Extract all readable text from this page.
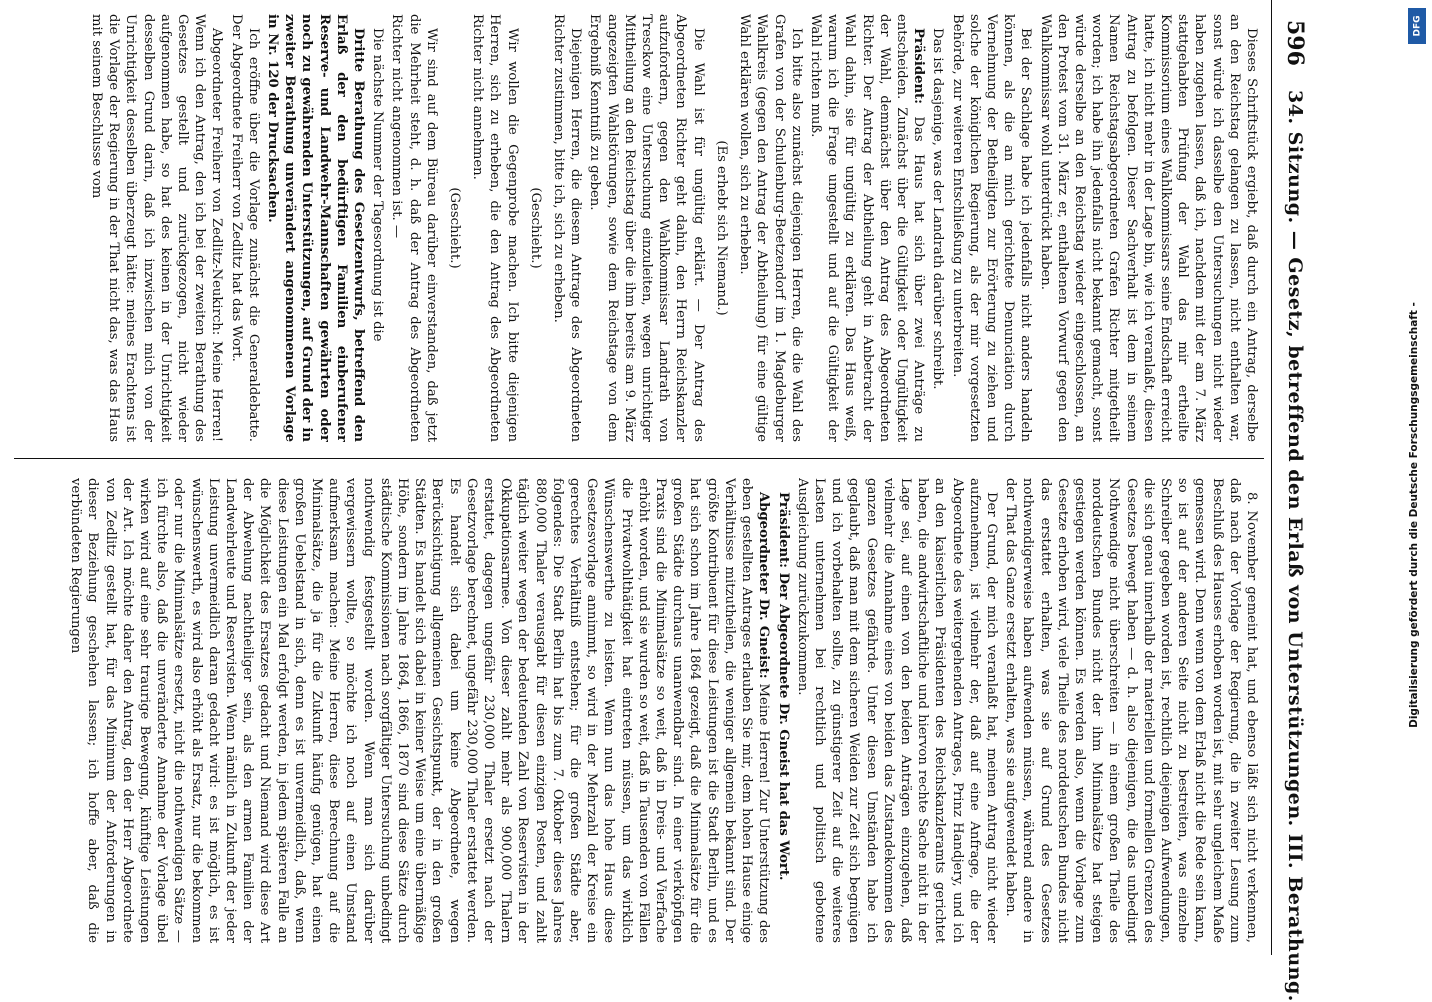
596
34. Sitzung. — Gesetz, betreffend den Erlaß von Unterstützungen. III. Berathung.

Dieses Schriftstück ergiebt, daß durch ein Antrag, derselbe an den Reichstag gelangen zu lassen, nicht enthalten war, sonst würde ich dasselbe den Untersuchungen nicht wieder haben zugehen lassen, daß ich, nachdem mit der am 7. März stattgehabten Prüfung der Wahl das mir ertheilte Kommissorium eines Wahlkommissars seine Endschaft erreicht hatte, ich nicht mehr in der Lage bin, wie ich veranlaßt, diesen Antrag zu befolgen. Dieser Sachverhalt ist dem in seinem Namen Reichstagsabgeordneten Grafen Richter mitgetheilt worden; ich habe ihn jedenfalls nicht bekannt gemacht, sonst würde derselbe an den Reichstag wieder eingeschlossen, an den Protest vom 31. März er, enthaltenen Vorwurf gegen den Wahlkommissar wohl unterdrückt haben.

Bei der Sachlage habe ich jedenfalls nicht anders handeln können, als die an mich gerichtete Denunciation durch Vernehmung der Betheiligten zur Erörterung zu ziehen und solche der königlichen Regierung, als der mir vorgesetzten Behörde, zur weiteren Entschließung zu unterbreiten.

Das ist dasjenige, was der Landrath darüber schreibt.

Präsident: Das Haus hat sich über zwei Anträge zu entscheiden. Zunächst über die Gültigkeit oder Ungültigkeit der Wahl, demnächst über den Antrag des Abgeordneten Richter. Der Antrag der Abtheilung geht in Anbetracht der Wahl dahin, sie für ungültig zu erklären. Das Haus weiß, warum ich die Frage umgestellt und auf die Gültigkeit der Wahl richten muß.

Ich bitte also zunächst diejenigen Herren, die die Wahl des Grafen von der Schulenburg-Beetzendorf im 1. Magdeburger Wahlkreis (gegen den Antrag der Abtheilung) für eine gültige Wahl erklären wollen, sich zu erheben.

(Es erhebt sich Niemand.)

Die Wahl ist für ungültig erklärt. — Der Antrag des Abgeordneten Richter geht dahin, den Herrn Reichskanzler aufzufordern, gegen den Wahlkommissar Landrath von Tresckow eine Untersuchung einzuleiten, wegen unrichtiger Mittheilung an den Reichstag über die ihm bereits am 9. März angezeigten Wahlstörungen, sowie dem Reichstage von dem Ergebniß Kenntniß zu geben.

Diejenigen Herren, die diesem Antrage des Abgeordneten Richter zustimmen, bitte ich, sich zu erheben.

(Geschieht.)

Wir wollen die Gegenprobe machen. Ich bitte diejenigen Herren, sich zu erheben, die den Antrag des Abgeordneten Richter nicht annehmen.

(Geschieht.)

Wir sind auf dem Büreau darüber einverstanden, daß jetzt die Mehrheit steht, d. h. daß der Antrag des Abgeordneten Richter nicht angenommen ist. —

Die nächste Nummer der Tagesordnung ist die

Dritte Berathung des Gesetzentwurfs, betreffend den Erlaß der den bedürftigen Familien einberufener Reserve- und Landwehr-Mannschaften gewährten oder noch zu gewährenden Unterstützungen, auf Grund der in zweiter Berathung unverändert angenommenen Vorlage in Nr. 120 der Drucksachen.

Ich eröffne über die Vorlage zunächst die Generaldebatte. Der Abgeordnete Freiherr von Zedlitz hat das Wort.

Abgeordneter Freiherr von Zedlitz-Neukirch: Meine Herren! Wenn ich den Antrag, den ich bei der zweiten Berathung des Gesetzes gestellt und zurückgezogen, nicht wieder aufgenommen habe, so hat des keinen in der Unrichtigkeit desselben Grund darin, daß ich inzwischen mich von der Unrichtigkeit desselben überzeugt hätte: meines Erachtens ist die Vorlage der Regierung in der That nicht das, was das Haus mit seinem Beschlusse vom

8. November gemeint hat, und ebenso läßt sich nicht verkennen, daß nach der Vorlage der Regierung, die in zweiter Lesung zum Beschluß des Hauses erhoben worden ist, mit sehr ungleichem Maße gemessen wird. Denn wenn von dem Erlaß nicht die Rede sein kann, so ist auf der anderen Seite nicht zu bestreiten, was einzelne Schreiber gegeben worden ist, rechtlich diejenigen Aufwendungen, die sich genau innerhalb der materiellen und formellen Grenzen des Gesetzes bewegt haben — d. h. also diejenigen, die das unbedingt Nothwendige nicht überschreiten — in einem großen Theile des norddeutschen Bundes nicht der ihm Minimalsätze hat steigen gestiegen werden können. Es werden also, wenn die Vorlage zum Gesetze erhoben wird, viele Theile des norddeutschen Bundes nicht das erstattet erhalten, was sie auf Grund des Gesetzes nothwendigerweise haben aufwenden müssen, während andere in der That das Ganze ersetzt erhalten, was sie aufgewendet haben.

Der Grund, der mich veranlaßt hat, meinen Antrag nicht wieder aufzunehmen, ist vielmehr der, daß auf eine Anfrage, die der Abgeordnete des weitergehenden Antrages, Prinz Handjery, und ich an den kaiserlichen Präsidenten des Reichskanzleramts gerichtet haben, die andwirtschaftliche und hiervon rechte Sache nicht in der Lage sei, auf einen von den beiden Anträgen einzugehen, daß vielmehr die Annahme eines von beiden das Zustandekommen des ganzen Gesetzes gefährde. Unter diesen Umständen habe ich geglaubt, daß man mit dem sicheren Weiden zur Zeit sich begnügen und ich vorbehalten sollte, zu günstigerer Zeit auf die weiteres Lasten unternehmen bei rechtlich und politisch gebotene Ausgleichung zurückzukommen.

Präsident: Der Abgeordnete Dr. Gneist hat das Wort.

Abgeordneter Dr. Gneist: Meine Herren! Zur Unterstützung des eben gestellten Antrages erlauben Sie mir, dem hohen Hause einige Verhältnisse mitzutheilen, die weniger allgemein bekannt sind. Der größte Kontribuent für diese Leistungen ist die Stadt Berlin, und es hat sich schon im Jahre 1864 gezeigt, daß die Minimalsätze für die großen Städte durchaus unanwendbar sind. In einer vierköpfigen Praxis sind die Minimalsätze so weit, daß in Dreis- und Vierfache erhöht worden, und sie wurden so weit, daß in Tausenden von Fällen die Privatwohlthätigkeit hat eintreten müssen, um das wirklich Wünschenswerthe zu leisten. Wenn nun das hohe Haus diese Gesetzesvorlage annimmt, so wird in der Mehrzahl der Kreise ein gerechtes Verhältniß entstehen; für die großen Städte aber, folgendes: Die Stadt Berlin hat bis zum 7. Oktober dieses Jahres 880,000 Thaler verausgabt für diesen einzigen Posten, und zahlt täglich weiter wegen der bedeutenden Zahl von Reservisten in der Okkupationsarmee. Von dieser zahlt mehr als 900,000 Thalern erstattet, dagegen ungefähr 230,000 Thaler ersetzt nach der Gesetzvorlage berechnet, ungefähr 230,000 Thaler erstattet werden. Es handelt sich dabei um keine Abgeordnete, wegen Berücksichtigung allgemeinen Gesichtspunkt, der in den großen Städten. Es handelt sich dabei in keiner Weise um eine übermäßige Höhe, sondern im Jahre 1864, 1866, 1870 sind diese Sätze durch städtische Kommissionen nach sorgfältiger Untersuchung unbedingt nothwendig festgestellt worden. Wenn man sich darüber vergewissern wollte, so möchte ich noch auf einen Umstand aufmerksam machen: Meine Herren, diese Berechnung auf die Minimalsätze, die ja für die Zukunft häufig genügen, hat einen großen Uebelstand in sich, denn es ist unvermeidlich, daß, wenn diese Leistungen ein Mal erfolgt werden, in jedem späteren Falle an die Möglichkeit des Ersatzes gedacht und Niemand wird diese Art der Abwehung nachtheiliger sein, als den armen Familien der Landwehrleute und Reservisten. Wenn nämlich in Zukunft der jeder Leistung unvermeidlich daran gedacht wird: es ist möglich, es ist wünschenswerth, es wird also erhöht als Ersatz, nur die bekommen oder nur die Minimalsätze ersetzt, nicht die nothwendigen Sätze — ich fürchte also, daß die unveränderte Annahme der Vorlage übel wirken wird auf eine sehr traurige Bewegung, künftige Leistungen der Art. Ich möchte daher den Antrag, den der Herr Abgeordnete von Zedlitz gestellt hat, für das Minimum der Anforderungen in dieser Beziehung geschehen lassen; ich hoffe aber, daß die verbündeten Regierungen

DFG
Digitalisierung gefördert durch die Deutsche Forschungsgemeinschaft -
